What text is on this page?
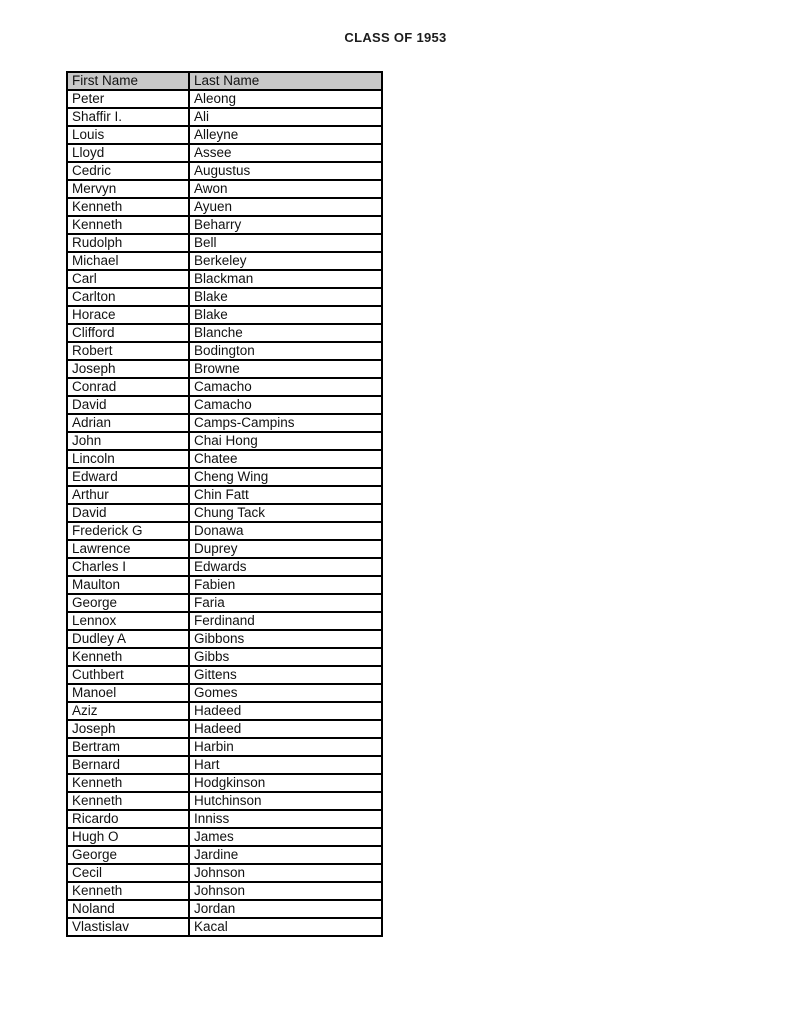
CLASS OF 1953
First Name	Last Name
Peter	Aleong
Shaffir I.	Ali
Louis	Alleyne
Lloyd	Assee
Cedric	Augustus
Mervyn	Awon
Kenneth	Ayuen
Kenneth	Beharry
Rudolph	Bell
Michael	Berkeley
Carl	Blackman
Carlton	Blake
Horace	Blake
Clifford	Blanche
Robert	Bodington
Joseph	Browne
Conrad	Camacho
David	Camacho
Adrian	Camps-Campins
John	Chai Hong
Lincoln	Chatee
Edward	Cheng Wing
Arthur	Chin Fatt
David	Chung Tack
Frederick G	Donawa
Lawrence	Duprey
Charles I	Edwards
Maulton	Fabien
George	Faria
Lennox	Ferdinand
Dudley A	Gibbons
Kenneth	Gibbs
Cuthbert	Gittens
Manoel	Gomes
Aziz	Hadeed
Joseph	Hadeed
Bertram	Harbin
Bernard	Hart
Kenneth	Hodgkinson
Kenneth	Hutchinson
Ricardo	Inniss
Hugh O	James
George	Jardine
Cecil	Johnson
Kenneth	Johnson
Noland	Jordan
Vlastislav	Kacal
